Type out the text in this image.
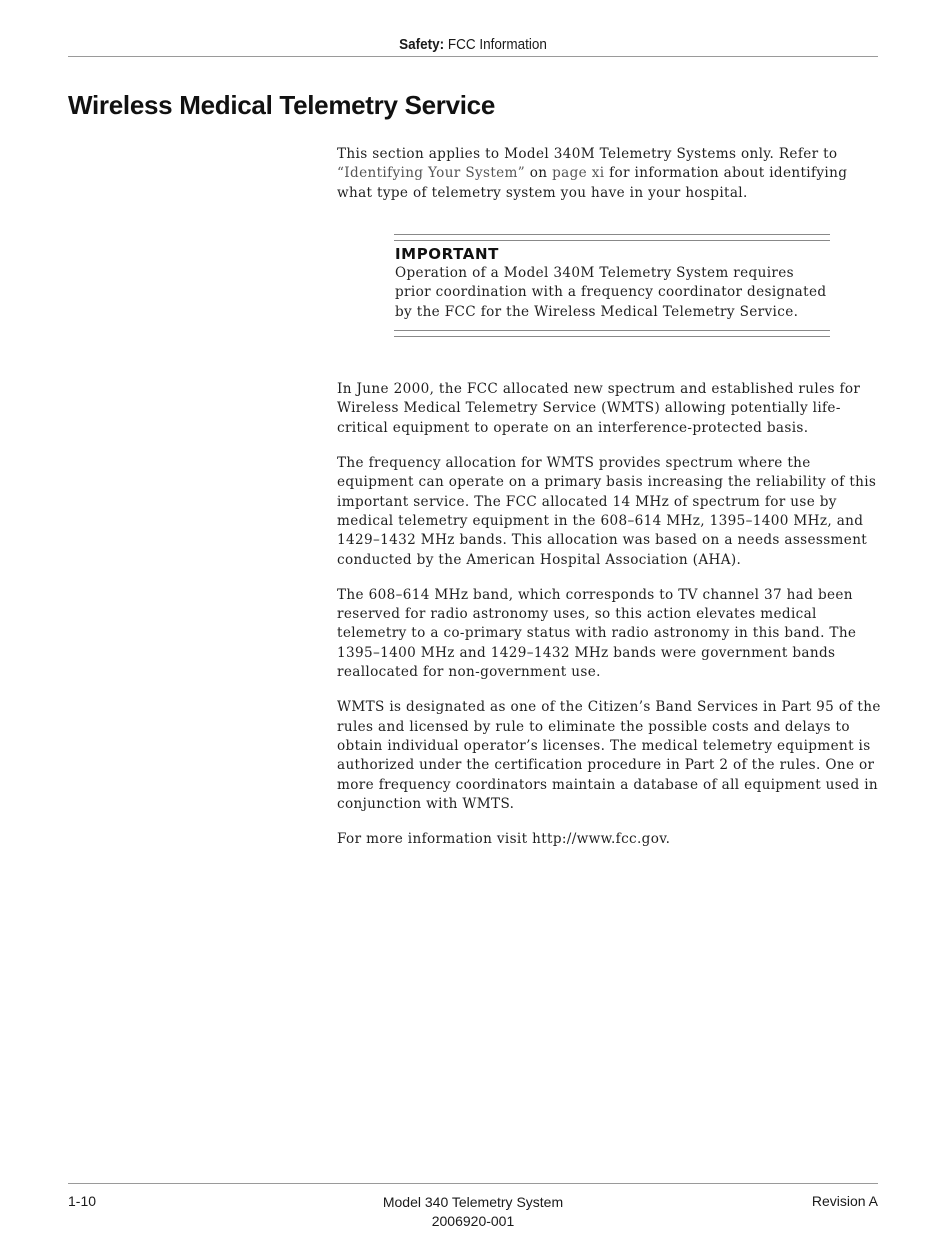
Safety: FCC Information
Wireless Medical Telemetry Service

This section applies to Model 340M Telemetry Systems only. Refer to “Identifying Your System” on page xi for information about identifying what type of telemetry system you have in your hospital.

IMPORTANT
Operation of a Model 340M Telemetry System requires prior coordination with a frequency coordinator designated by the FCC for the Wireless Medical Telemetry Service.

In June 2000, the FCC allocated new spectrum and established rules for Wireless Medical Telemetry Service (WMTS) allowing potentially life-critical equipment to operate on an interference-protected basis.

The frequency allocation for WMTS provides spectrum where the equipment can operate on a primary basis increasing the reliability of this important service. The FCC allocated 14 MHz of spectrum for use by medical telemetry equipment in the 608–614 MHz, 1395–1400 MHz, and 1429–1432 MHz bands. This allocation was based on a needs assessment conducted by the American Hospital Association (AHA).

The 608–614 MHz band, which corresponds to TV channel 37 had been reserved for radio astronomy uses, so this action elevates medical telemetry to a co-primary status with radio astronomy in this band. The 1395–1400 MHz and 1429–1432 MHz bands were government bands reallocated for non-government use.

WMTS is designated as one of the Citizen’s Band Services in Part 95 of the rules and licensed by rule to eliminate the possible costs and delays to obtain individual operator’s licenses. The medical telemetry equipment is authorized under the certification procedure in Part 2 of the rules. One or more frequency coordinators maintain a database of all equipment used in conjunction with WMTS.

For more information visit http://www.fcc.gov.

1-10	Model 340 Telemetry System
2006920-001
Revision A
